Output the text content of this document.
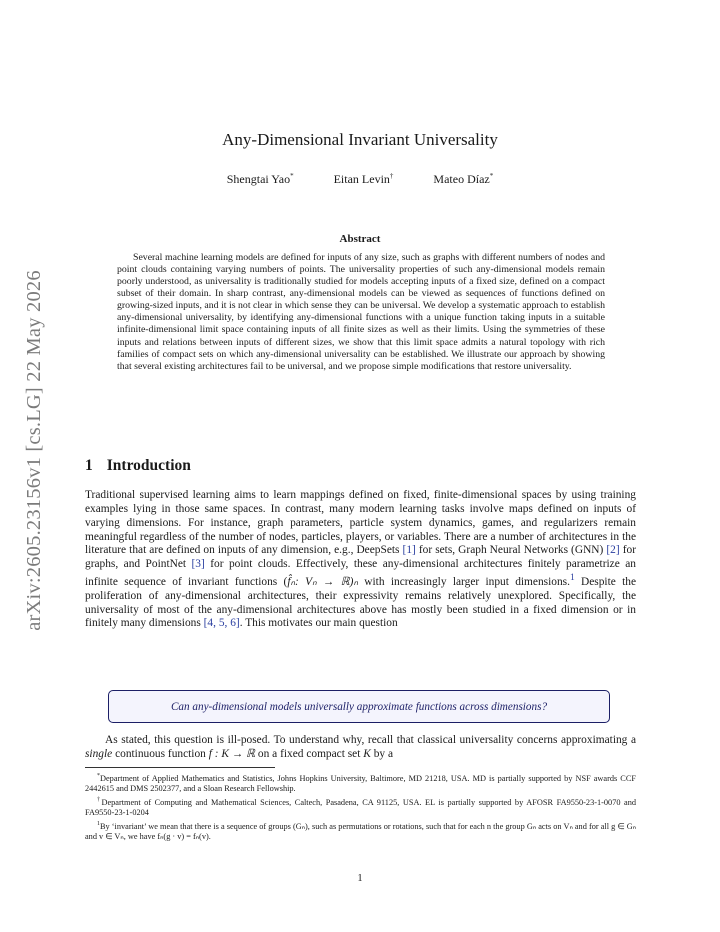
arXiv:2605.23156v1 [cs.LG] 22 May 2026
Any-Dimensional Invariant Universality
Shengtai Yao*	Eitan Levin†	Mateo Díaz*
Abstract

Several machine learning models are defined for inputs of any size, such as graphs with different numbers of nodes and point clouds containing varying numbers of points. The universality properties of such any-dimensional models remain poorly understood, as universality is traditionally studied for models accepting inputs of a fixed size, defined on a compact subset of their domain. In sharp contrast, any-dimensional models can be viewed as sequences of functions defined on growing-sized inputs, and it is not clear in which sense they can be universal. We develop a systematic approach to establish any-dimensional universality, by identifying any-dimensional functions with a unique function taking inputs in a suitable infinite-dimensional limit space containing inputs of all finite sizes as well as their limits. Using the symmetries of these inputs and relations between inputs of different sizes, we show that this limit space admits a natural topology with rich families of compact sets on which any-dimensional universality can be established. We illustrate our approach by showing that several existing architectures fail to be universal, and we propose simple modifications that restore universality.

1 Introduction

Traditional supervised learning aims to learn mappings defined on fixed, finite-dimensional spaces by using training examples lying in those same spaces. In contrast, many modern learning tasks involve maps defined on inputs of varying dimensions. For instance, graph parameters, particle system dynamics, games, and regularizers remain meaningful regardless of the number of nodes, particles, players, or variables. There are a number of architectures in the literature that are defined on inputs of any dimension, e.g., DeepSets [1] for sets, Graph Neural Networks (GNN) [2] for graphs, and PointNet [3] for point clouds. Effectively, these any-dimensional architectures finitely parametrize an infinite sequence of invariant functions (f̂ₙ: Vₙ → ℝ)ₙ with increasingly larger input dimensions.$^1$ Despite the proliferation of any-dimensional architectures, their expressivity remains relatively unexplored. Specifically, the universality of most of the any-dimensional architectures above has mostly been studied in a fixed dimension or in finitely many dimensions [4, 5, 6]. This motivates our main question

Can any-dimensional models universally approximate functions across dimensions?

As stated, this question is ill-posed. To understand why, recall that classical universality concerns approximating a single continuous function f : K → ℝ on a fixed compact set K by a

*Department of Applied Mathematics and Statistics, Johns Hopkins University, Baltimore, MD 21218, USA. MD is partially supported by NSF awards CCF 2442615 and DMS 2502377, and a Sloan Research Fellowship.

†Department of Computing and Mathematical Sciences, Caltech, Pasadena, CA 91125, USA. EL is partially supported by AFOSR FA9550-23-1-0070 and FA9550-23-1-0204

$^1$By ‘invariant’ we mean that there is a sequence of groups (Gₙ), such as permutations or rotations, such that for each n the group Gₙ acts on Vₙ and for all g ∈ Gₙ and v ∈ Vₙ, we have fₙ(g · v) = fₙ(v).

1
